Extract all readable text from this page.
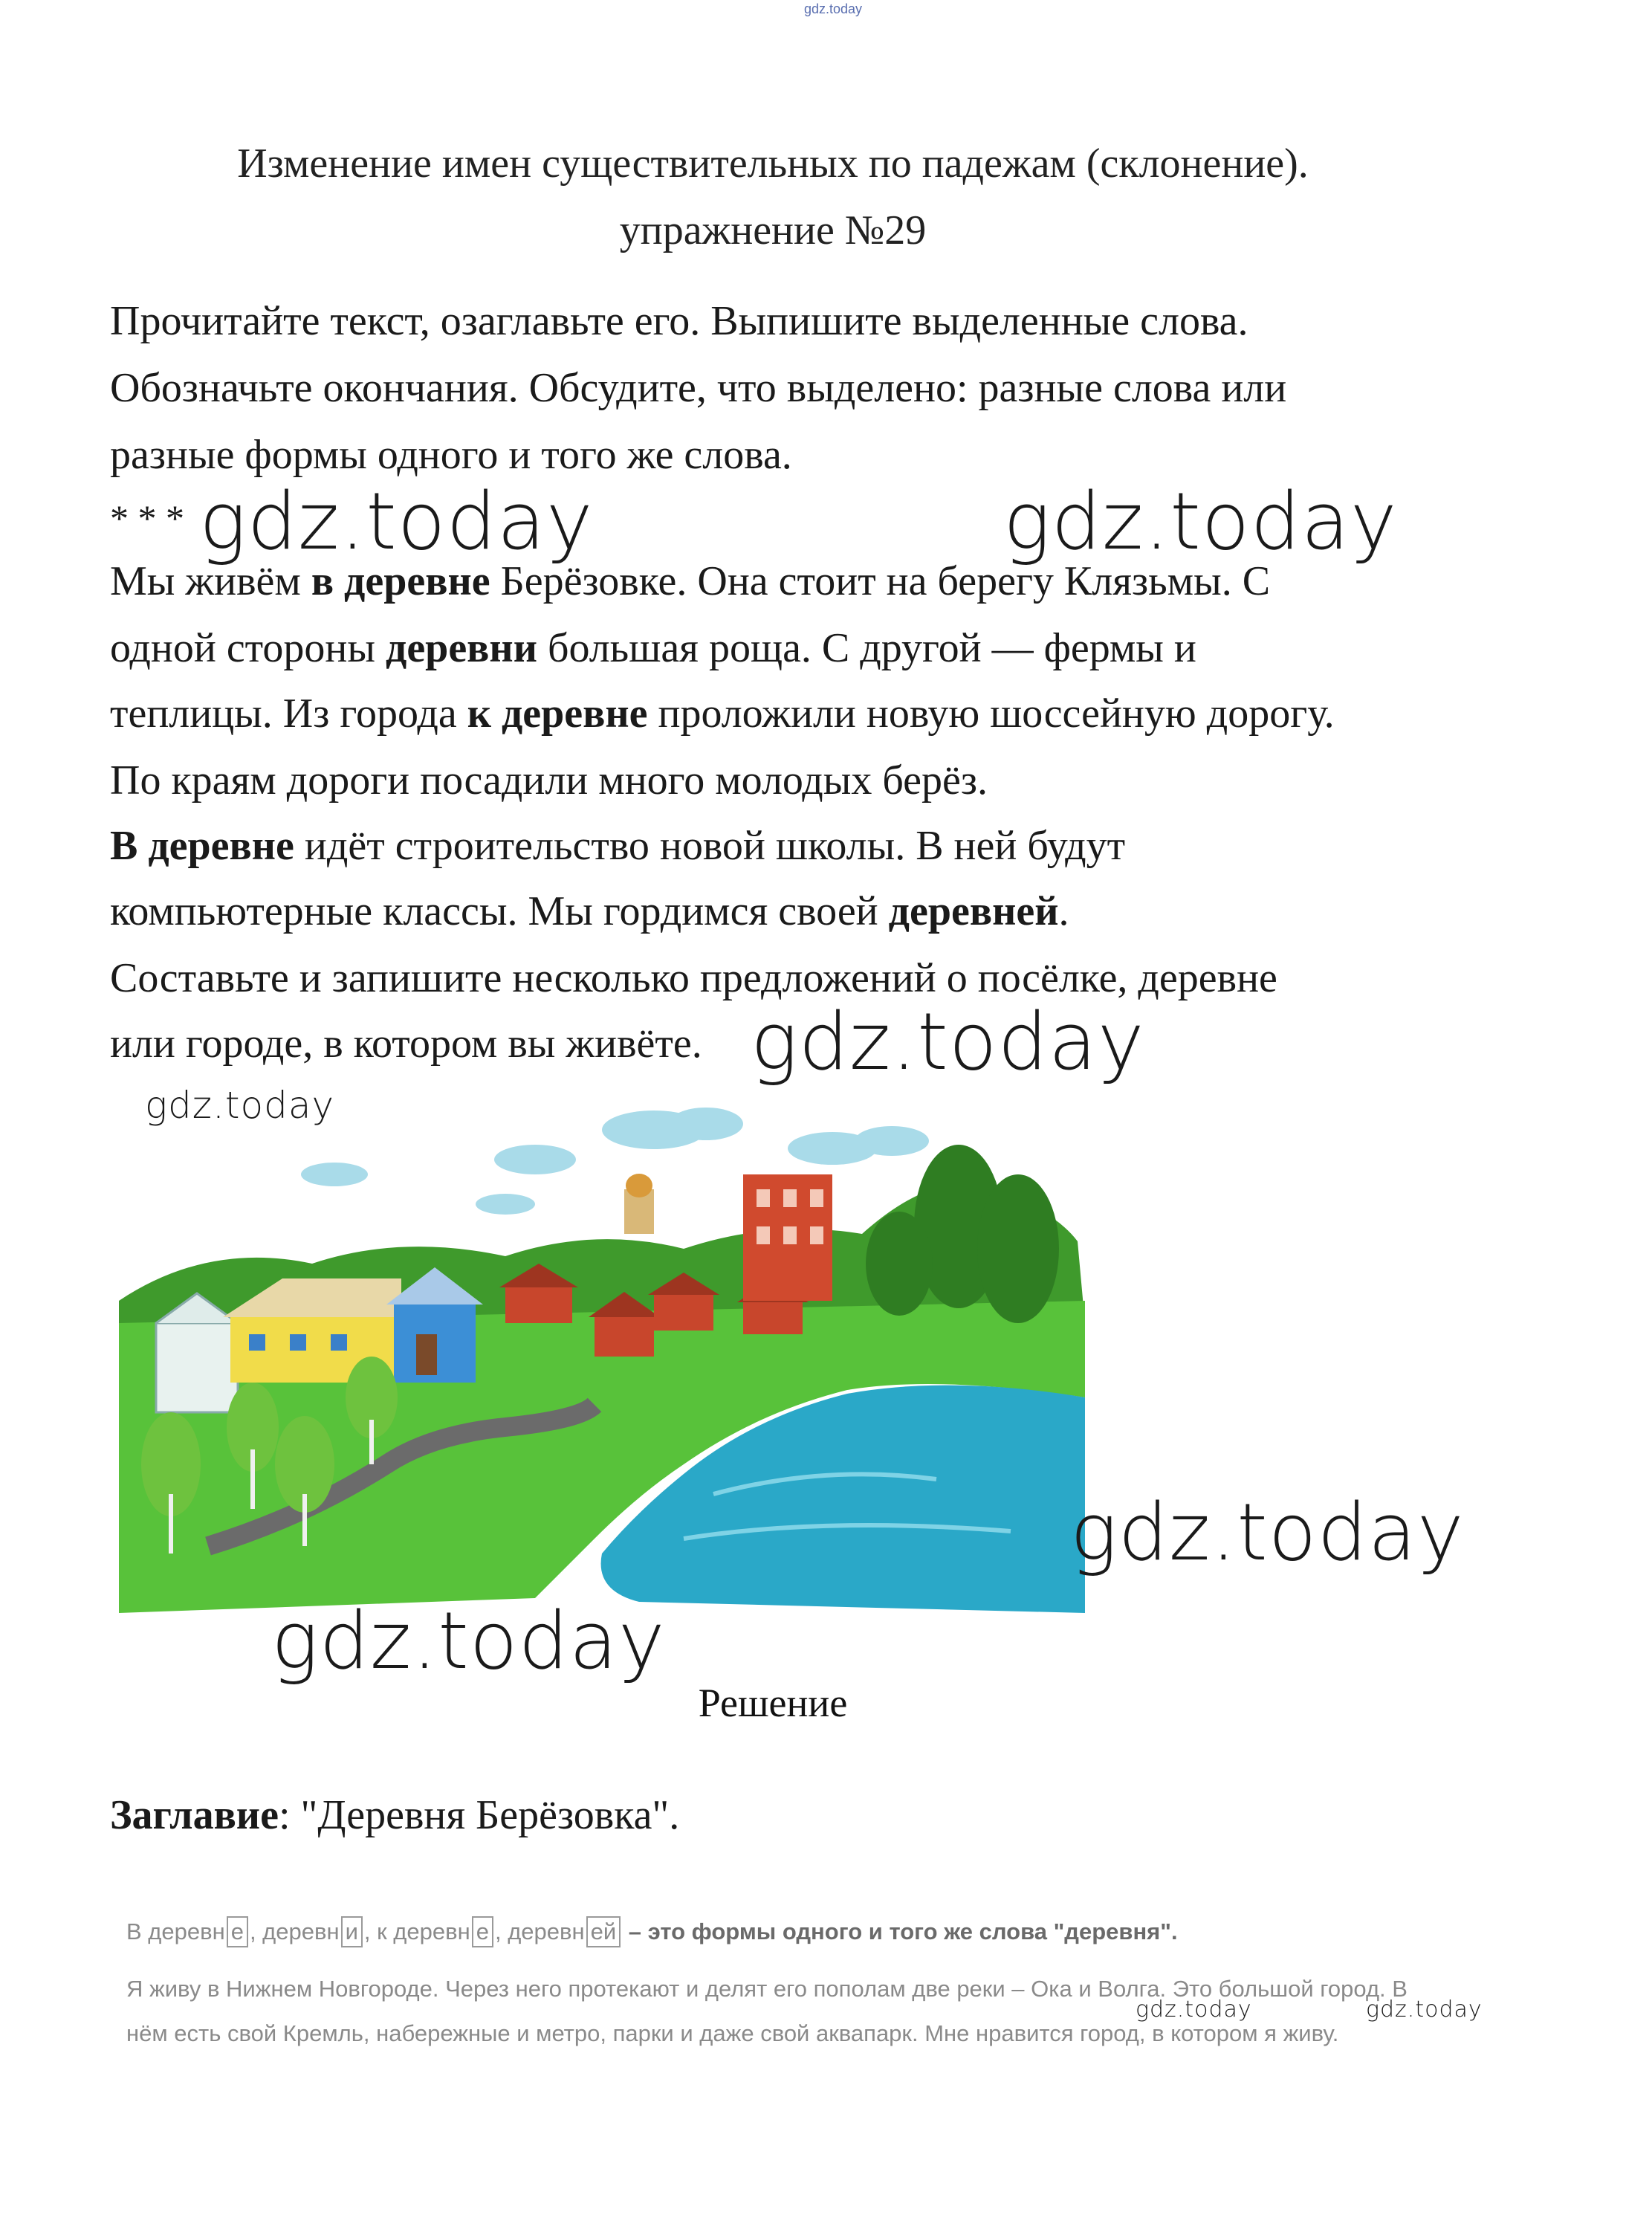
gdz.today
Изменение имен существительных по падежам (склонение).
упражнение №29
Прочитайте текст, озаглавьте его. Выпишите выделенные слова.
Обозначьте окончания. Обсудите, что выделено: разные слова или
разные формы одного и того же слова.
* * * gdz.today	gdz.today
Мы живём в деревне Берёзовке. Она стоит на берегу Клязьмы. С
одной стороны деревни большая роща. С другой — фермы и
теплицы. Из города к деревне проложили новую шоссейную дорогу.
По краям дороги посадили много молодых берёз.
В деревне идёт строительство новой школы. В ней будут
компьютерные классы. Мы гордимся своей деревней.
Составьте и запишите несколько предложений о посёлке, деревне
или городе, в котором вы живёте. gdz.today
gdz.today
gdz.today
gdz.today
Решение
Заглавие: "Деревня Берёзовка".
В деревн е , деревн и , к деревн е , деревн ей – это формы одного и того же слова "деревня".
Я живу в Нижнем Новгороде. Через него протекают и делят его пополам две реки – Ока и Волга. Это большой город. В
нём есть свой Кремль, набережные и метро, парки и даже свой аквапарк. Мне нравится город, в котором я живу.
gdz.today	gdz.today
